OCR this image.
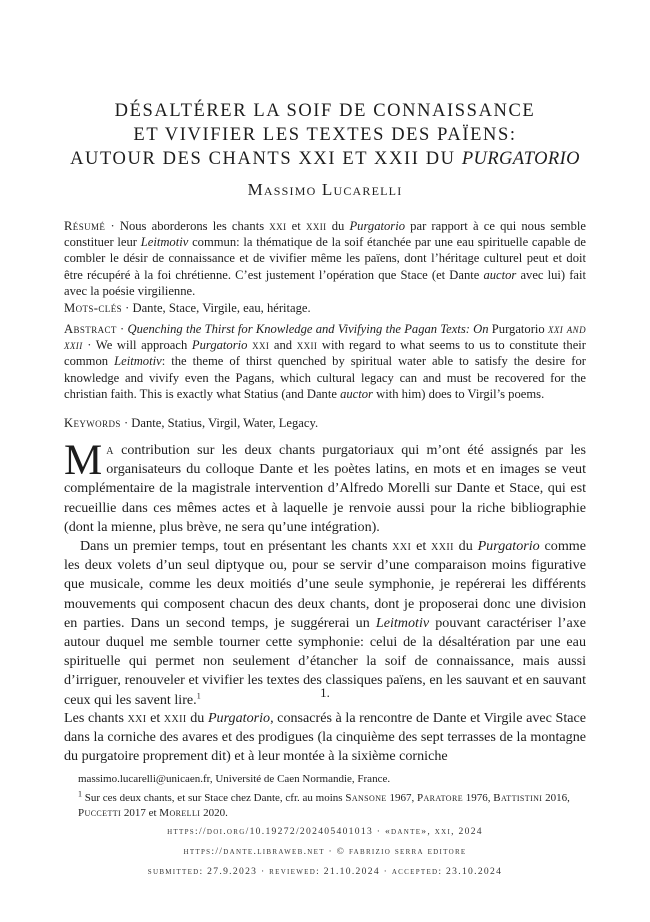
DÉSALTÉRER LA SOIF DE CONNAISSANCE
ET VIVIFIER LES TEXTES DES PAÏENS:
AUTOUR DES CHANTS XXI ET XXII DU PURGATORIO
Massimo Lucarelli
Résumé · Nous aborderons les chants xxi et xxii du Purgatorio par rapport à ce qui nous semble constituer leur Leitmotiv commun: la thématique de la soif étanchée par une eau spirituelle capable de combler le désir de connaissance et de vivifier même les païens, dont l’héritage culturel peut et doit être récupéré à la foi chrétienne. C’est justement l’opération que Stace (et Dante auctor avec lui) fait avec la poésie virgilienne.
Mots-clés · Dante, Stace, Virgile, eau, héritage.
Abstract · Quenching the Thirst for Knowledge and Vivifying the Pagan Texts: On Purgatorio xxi and xxii · We will approach Purgatorio xxi and xxii with regard to what seems to us to constitute their common Leitmotiv: the theme of thirst quenched by spiritual water able to satisfy the desire for knowledge and vivify even the Pagans, which cultural legacy can and must be recovered for the christian faith. This is exactly what Statius (and Dante auctor with him) does to Virgil’s poems.
Keywords · Dante, Statius, Virgil, Water, Legacy.
Ma contribution sur les deux chants purgatoriaux qui m’ont été assignés par les organisateurs du colloque Dante et les poètes latins, en mots et en images se veut complémentaire de la magistrale intervention d’Alfredo Morelli sur Dante et Stace, qui est recueillie dans ces mêmes actes et à laquelle je renvoie aussi pour la riche bibliographie (dont la mienne, plus brève, ne sera qu’une intégration).
Dans un premier temps, tout en présentant les chants xxi et xxii du Purgatorio comme les deux volets d’un seul diptyque ou, pour se servir d’une comparaison moins figurative que musicale, comme les deux moitiés d’une seule symphonie, je repérerai les différents mouvements qui composent chacun des deux chants, dont je proposerai donc une division en parties. Dans un second temps, je suggérerai un Leitmotiv pouvant caractériser l’axe autour duquel me semble tourner cette symphonie: celui de la désaltération par une eau spirituelle qui permet non seulement d’étancher la soif de connaissance, mais aussi d’irriguer, renouveler et vivifier les textes des classiques païens, en les sauvant et en sauvant ceux qui les savent lire.$^1$	1.
Les chants xxi et xxii du Purgatorio, consacrés à la rencontre de Dante et Virgile avec Stace dans la corniche des avares et des prodigues (la cinquième des sept terrasses de la montagne du purgatoire proprement dit) et à leur montée à la sixième corniche
massimo.lucarelli@unicaen.fr, Université de Caen Normandie, France.
$^1$ Sur ces deux chants, et sur Stace chez Dante, cfr. au moins Sansone 1967, Paratore 1976, Battistini 2016, Puccetti 2017 et Morelli 2020.
https://doi.org/10.19272/202405401013 · «dante», xxi, 2024
https://dante.libraweb.net · © fabrizio serra editore
submitted: 27.9.2023 · reviewed: 21.10.2024 · accepted: 23.10.2024
